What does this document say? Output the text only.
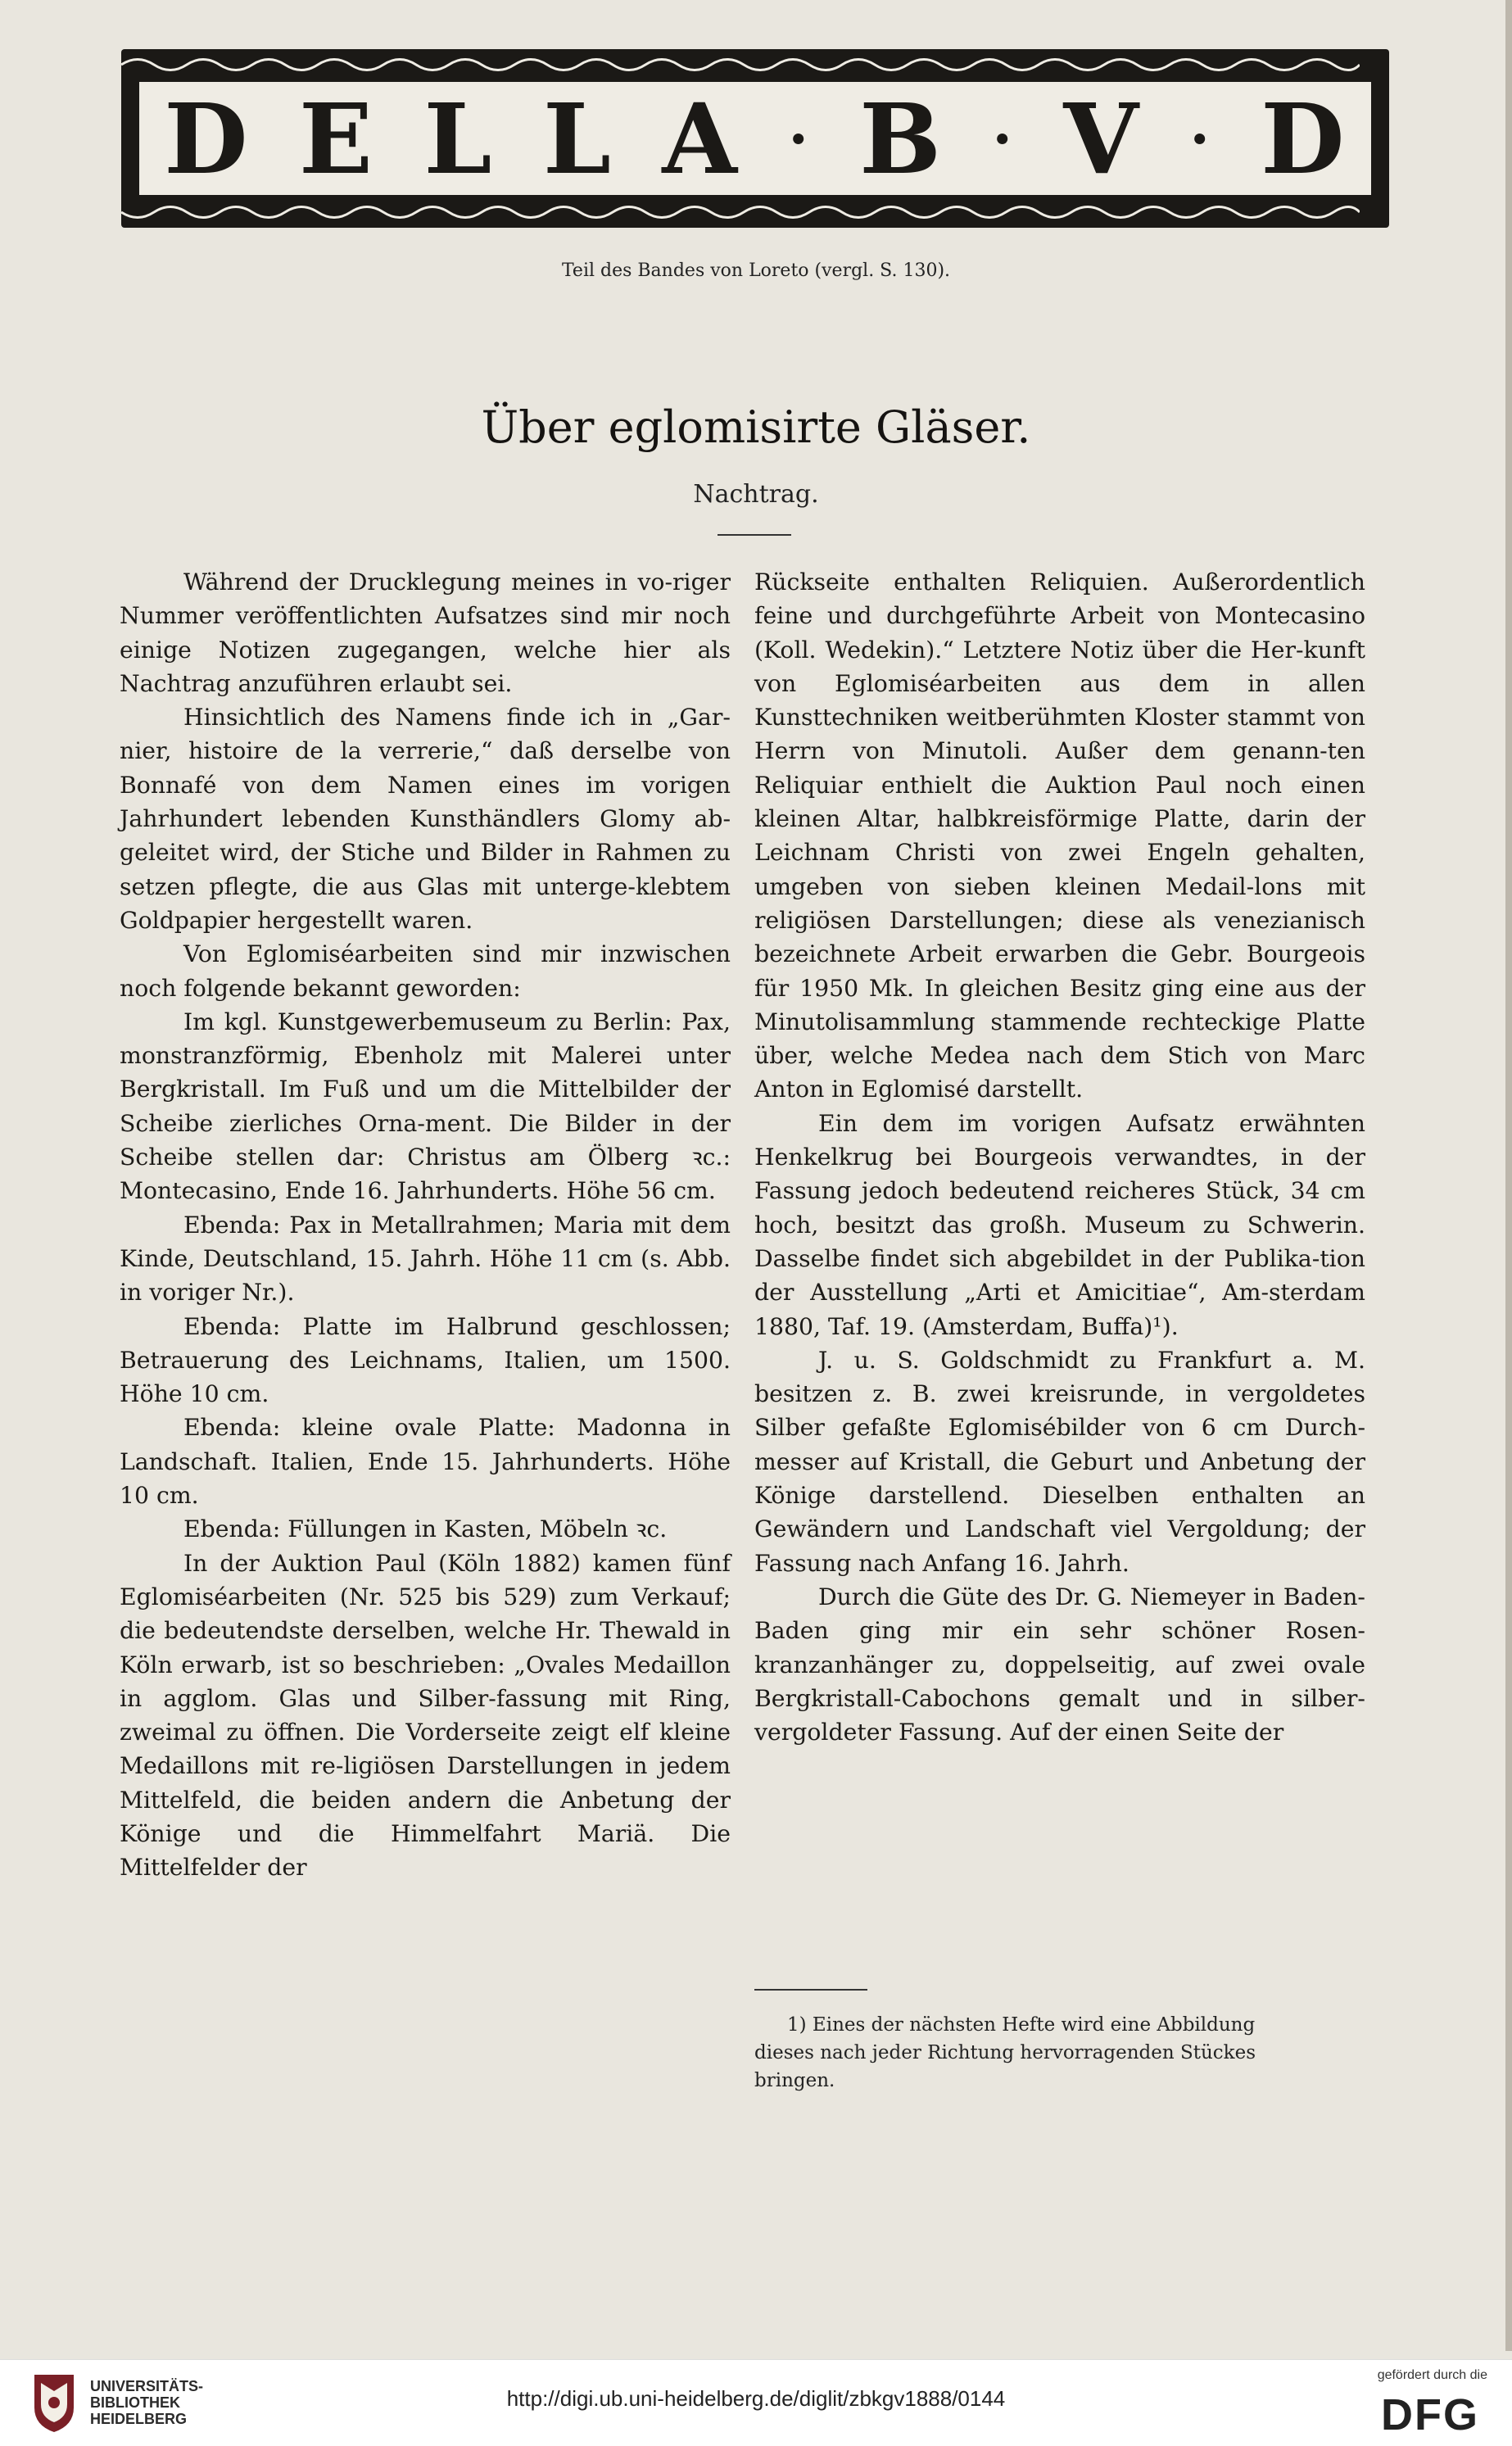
D E L L A · B · V · D
Teil des Bandes von Loreto (vergl. S. 130).
Über eglomisirte Gläser.
Nachtrag.

Während der Drucklegung meines in vo-riger Nummer veröffentlichten Aufsatzes sind mir noch einige Notizen zugegangen, welche hier als Nachtrag anzuführen erlaubt sei.

Hinsichtlich des Namens finde ich in „Gar-nier, histoire de la verrerie,“ daß derselbe von Bonnafé von dem Namen eines im vorigen Jahrhundert lebenden Kunsthändlers Glomy ab-geleitet wird, der Stiche und Bilder in Rahmen zu setzen pflegte, die aus Glas mit unterge-klebtem Goldpapier hergestellt waren.

Von Eglomiséarbeiten sind mir inzwischen noch folgende bekannt geworden:

Im kgl. Kunstgewerbemuseum zu Berlin: Pax, monstranzförmig, Ebenholz mit Malerei unter Bergkristall. Im Fuß und um die Mittelbilder der Scheibe zierliches Orna-ment. Die Bilder in der Scheibe stellen dar: Christus am Ölberg ꝛc.: Montecasino, Ende 16. Jahrhunderts. Höhe 56 cm.

Ebenda: Pax in Metallrahmen; Maria mit dem Kinde, Deutschland, 15. Jahrh. Höhe 11 cm (s. Abb. in voriger Nr.).

Ebenda: Platte im Halbrund geschlossen; Betrauerung des Leichnams, Italien, um 1500. Höhe 10 cm.

Ebenda: kleine ovale Platte: Madonna in Landschaft. Italien, Ende 15. Jahrhunderts. Höhe 10 cm.

Ebenda: Füllungen in Kasten, Möbeln ꝛc.

In der Auktion Paul (Köln 1882) kamen fünf Eglomiséarbeiten (Nr. 525 bis 529) zum Verkauf; die bedeutendste derselben, welche Hr. Thewald in Köln erwarb, ist so beschrieben: „Ovales Medaillon in agglom. Glas und Silber-fassung mit Ring, zweimal zu öffnen. Die Vorderseite zeigt elf kleine Medaillons mit re-ligiösen Darstellungen in jedem Mittelfeld, die beiden andern die Anbetung der Könige und die Himmelfahrt Mariä. Die Mittelfelder der

Rückseite enthalten Reliquien. Außerordentlich feine und durchgeführte Arbeit von Montecasino (Koll. Wedekin).“ Letztere Notiz über die Her-kunft von Eglomiséarbeiten aus dem in allen Kunsttechniken weitberühmten Kloster stammt von Herrn von Minutoli. Außer dem genann-ten Reliquiar enthielt die Auktion Paul noch einen kleinen Altar, halbkreisförmige Platte, darin der Leichnam Christi von zwei Engeln gehalten, umgeben von sieben kleinen Medail-lons mit religiösen Darstellungen; diese als venezianisch bezeichnete Arbeit erwarben die Gebr. Bourgeois für 1950 Mk. In gleichen Besitz ging eine aus der Minutolisammlung stammende rechteckige Platte über, welche Medea nach dem Stich von Marc Anton in Eglomisé darstellt.

Ein dem im vorigen Aufsatz erwähnten Henkelkrug bei Bourgeois verwandtes, in der Fassung jedoch bedeutend reicheres Stück, 34 cm hoch, besitzt das großh. Museum zu Schwerin. Dasselbe findet sich abgebildet in der Publika-tion der Ausstellung „Arti et Amicitiae“, Am-sterdam 1880, Taf. 19. (Amsterdam, Buffa)¹).

J. u. S. Goldschmidt zu Frankfurt a. M. besitzen z. B. zwei kreisrunde, in vergoldetes Silber gefaßte Eglomisébilder von 6 cm Durch-messer auf Kristall, die Geburt und Anbetung der Könige darstellend. Dieselben enthalten an Gewändern und Landschaft viel Vergoldung; der Fassung nach Anfang 16. Jahrh.

Durch die Güte des Dr. G. Niemeyer in Baden-Baden ging mir ein sehr schöner Rosen-kranzanhänger zu, doppelseitig, auf zwei ovale Bergkristall-Cabochons gemalt und in silber-vergoldeter Fassung. Auf der einen Seite der

1) Eines der nächsten Hefte wird eine Abbildung
dieses nach jeder Richtung hervorragenden Stückes
bringen.
UNIVERSITÄTS-
BIBLIOTHEK
HEIDELBERG
http://digi.ub.uni-heidelberg.de/diglit/zbkgv1888/0144
gefördert durch die
DFG
